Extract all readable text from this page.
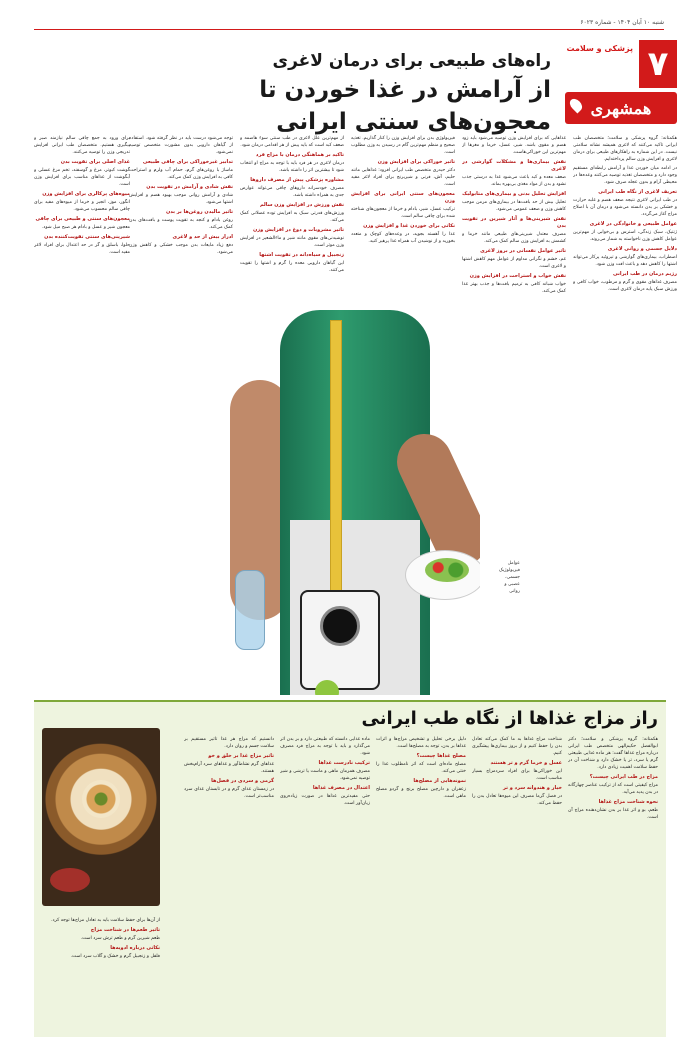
شنبه ۱۰ آبان ۱۴۰۴ - شماره ۶۰۲۳
۷
پزشکی و سلامت
همشهری
راه‌های طبیعی برای درمان لاغری
از آرامش در غذا خوردن تا معجون‌های سنتی ایرانی

هکمتانه: گروه پزشکی و سلامت؛ متخصصان طب ایرانی تاکید می‌کنند که لاغری همیشه نشانه سلامتی نیست. در این شماره به راهکارهای طبیعی برای درمان لاغری و افزایش وزن سالم پرداخته‌ایم.

در ادامه میان خوردن غذا و آرامش رابطه‌ای مستقیم وجود دارد و متخصصان تغذیه توصیه می‌کنند وعده‌ها در محیطی آرام و بدون عجله صرف شود.

تعریف لاغری از نگاه طب ایرانی

در طب ایرانی لاغری نتیجه ضعف هضم و غلبه حرارت و خشکی بر بدن دانسته می‌شود و درمان آن با اصلاح مزاج آغاز می‌گردد.

عوامل طبیعی و خانوادگی در لاغری

ژنتیک، سبک زندگی، استرس و بی‌خوابی از مهم‌ترین عوامل کاهش وزن ناخواسته به شمار می‌روند.

دلایل جسمی و روانی لاغری

اضطراب، بیماری‌های گوارشی و تیروئید پرکار می‌تواند اشتها را کاهش دهد و باعث افت وزن شود.

رژیم درمان در طب ایرانی

مصرف غذاهای مقوی و گرم و مرطوب، خواب کافی و ورزش سبک پایه درمان لاغری است.

غذاهایی که برای افزایش وزن توصیه می‌شود باید زود هضم و مقوی باشد. شیر، عسل، خرما و مغزها از مهم‌ترین این خوراکی‌هاست.

نقش بیماری‌ها و مشکلات گوارشی در لاغری

ضعف معده و کبد باعث می‌شود غذا به درستی جذب نشود و بدن از مواد مغذی بی‌بهره بماند.

افزایش تحلیل بدنی و بیماری‌های متابولیک

تحلیل بیش از حد بافت‌ها در بیماری‌های مزمن موجب کاهش وزن و ضعف عمومی می‌شود.

نقش شیرینی‌ها و آثار شیرین در تقویت بدن

مصرف معتدل شیرینی‌های طبیعی مانند خرما و کشمش به افزایش وزن سالم کمک می‌کند.

تاثیر عوامل نفسانی در بروز لاغری

غم، خشم و نگرانی مداوم از عوامل مهم کاهش اشتها و لاغری است.

نقش خواب و استراحت در افزایش وزن

خواب شبانه کافی به ترمیم بافت‌ها و جذب بهتر غذا کمک می‌کند.

فیزیولوژی بدن برای افزایش وزن را کنار گذاریم. تغذیه صحیح و منظم مهم‌ترین گام در رسیدن به وزن مطلوب است.

تاثیر خوراکی برای افزایش وزن

دکتر حیدری متخصص طب ایرانی افزود: غذاهایی مانند حلیم، آش، فرنی و شیربرنج برای افراد لاغر مفید است.

معجون‌های سنتی ایرانی برای افزایش وزن

ترکیب عسل، شیر، بادام و خرما از معجون‌های شناخته شده برای چاقی سالم است.

نکاتی برای خوردن غذا و افزایش وزن

غذا را آهسته بجوید، در وعده‌های کوچک و متعدد بخورید و از نوشیدن آب همراه غذا پرهیز کنید.

از مهم‌ترین علل لاغری در طب سنتی سوء هاضمه و ضعف کبد است که باید پیش از هر اقدامی درمان شود.

تاکید بر هماهنگی درمان با مزاج فرد

درمان لاغری در هر فرد باید با توجه به مزاج او انتخاب شود تا بیشترین اثر را داشته باشد.

مشاوره پزشکی پیش از مصرف داروها

مصرف خودسرانه داروهای چاقی می‌تواند عوارض جدی به همراه داشته باشد.

نقش ورزش در افزایش وزن سالم

ورزش‌های قدرتی سبک به افزایش توده عضلانی کمک می‌کند.

تاثیر مشروبات و دوغ در افزایش وزن

نوشیدنی‌های مقوی مانند شیر و ماءالشعیر در افزایش وزن موثر است.

زنجبیل و سیاه‌دانه در تقویت اشتها

این گیاهان دارویی معده را گرم و اشتها را تقویت می‌کنند.

توجه می‌شود درست باید در نظر گرفته شود. استفاده از گیاهان دارویی بدون مشورت متخصص توصیه نمی‌شود.

تدابیر غیرخوراکی برای چاقی طبیعی

ماساژ با روغن‌های گرم، حمام آب ولرم و استراحت کافی به افزایش وزن کمک می‌کند.

نقش شادی و آرامش در تقویت بدن

شادی و آرامش روانی موجب بهبود هضم و افزایش اشتها می‌شود.

تاثیر مالیدن روغن‌ها بر بدن

روغن بادام و کنجد به تقویت پوست و بافت‌های بدن کمک می‌کند.

ادرار بیش از حد و لاغری

دفع زیاد مایعات بدن موجب خشکی و کاهش وزن می‌شود.

برای ورود به جمع چاقی سالم نیازمند صبر و پیگیری هستیم. متخصصان طب ایرانی افزایش تدریجی وزن را توصیه می‌کنند.

غذای اصلی برای تقویت بدن

گوشت کبوتر، مرغ و گوسفند، تخم مرغ عسلی و آبگوشت از غذاهای مناسب برای افزایش وزن است.

میوه‌های پرکالری برای افزایش وزن

انگور، موز، انجیر و خرما از میوه‌های مفید برای چاقی سالم محسوب می‌شود.

معجون‌های سنتی و طبیعی برای چاقی

معجون شیر و عسل و بادام هر صبح میل شود.

شیرینی‌های سنتی تقویت‌کننده بدن

حلوا، باسلق و گز در حد اعتدال برای افراد لاغر مفید است.

عوامل
فیزیولوژیک
جسمی،
عصبی و
روانی
راز مزاج غذاها از نگاه طب ایرانی

هکمتانه: گروه پزشکی و سلامت؛ دکتر ابوالفضل حکیم‌الهی متخصص طب ایرانی درباره مزاج غذاها گفت: هر ماده غذایی طبیعتی گرم یا سرد، تر یا خشک دارد و شناخت آن در حفظ سلامت اهمیت زیادی دارد.

مزاج در طب ایرانی چیست؟

مزاج کیفیتی است که از ترکیب عناصر چهارگانه در بدن پدید می‌آید.

نحوه شناخت مزاج غذاها

طعم، بو و اثر غذا بر بدن نشان‌دهنده مزاج آن است.

شناخت مزاج غذاها به ما کمک می‌کند تعادل بدن را حفظ کنیم و از بروز بیماری‌ها پیشگیری کنیم.

عسل و خرما گرم و تر هستند

این خوراکی‌ها برای افراد سردمزاج بسیار مناسب است.

خیار و هندوانه سرد و تر

در فصل گرما مصرف این میوه‌ها تعادل بدن را حفظ می‌کند.

دلیل برخی تحلیل و تشخیص مزاج‌ها و اثرات غذاها بر بدن، توجه به مصلح‌ها است.

مصلح غذاها چیست؟

مصلح ماده‌ای است که اثر نامطلوب غذا را خنثی می‌کند.

نمونه‌هایی از مصلح‌ها

زعفران و دارچین مصلح برنج و گردو مصلح ماهی است.

ماده غذایی دانسته که طبیعتی دارد و بر بدن اثر می‌گذارد و باید با توجه به مزاج فرد مصرف شود.

ترکیب نادرست غذاها

مصرف همزمان ماهی و ماست یا ترشی و شیر توصیه نمی‌شود.

اعتدال در مصرف غذاها

حتی مفیدترین غذاها در صورت زیاده‌روی زیان‌آور است.

دانستیم که مزاج هر غذا تاثیر مستقیم بر سلامت جسم و روان دارد.

تاثیر مزاج غذا بر خلق و خو

غذاهای گرم نشاط‌آور و غذاهای سرد آرام‌بخش هستند.

گرمی و سردی در فصل‌ها

در زمستان غذای گرم و در تابستان غذای سرد مناسب‌تر است.

از آن‌ها برای حفظ سلامت باید به تعادل مزاج‌ها توجه کرد.

تاثیر طعم‌ها در شناخت مزاج

طعم شیرین گرم و طعم ترش سرد است.

نکاتی درباره ادویه‌ها

فلفل و زنجبیل گرم و خشک و گلاب سرد است.
